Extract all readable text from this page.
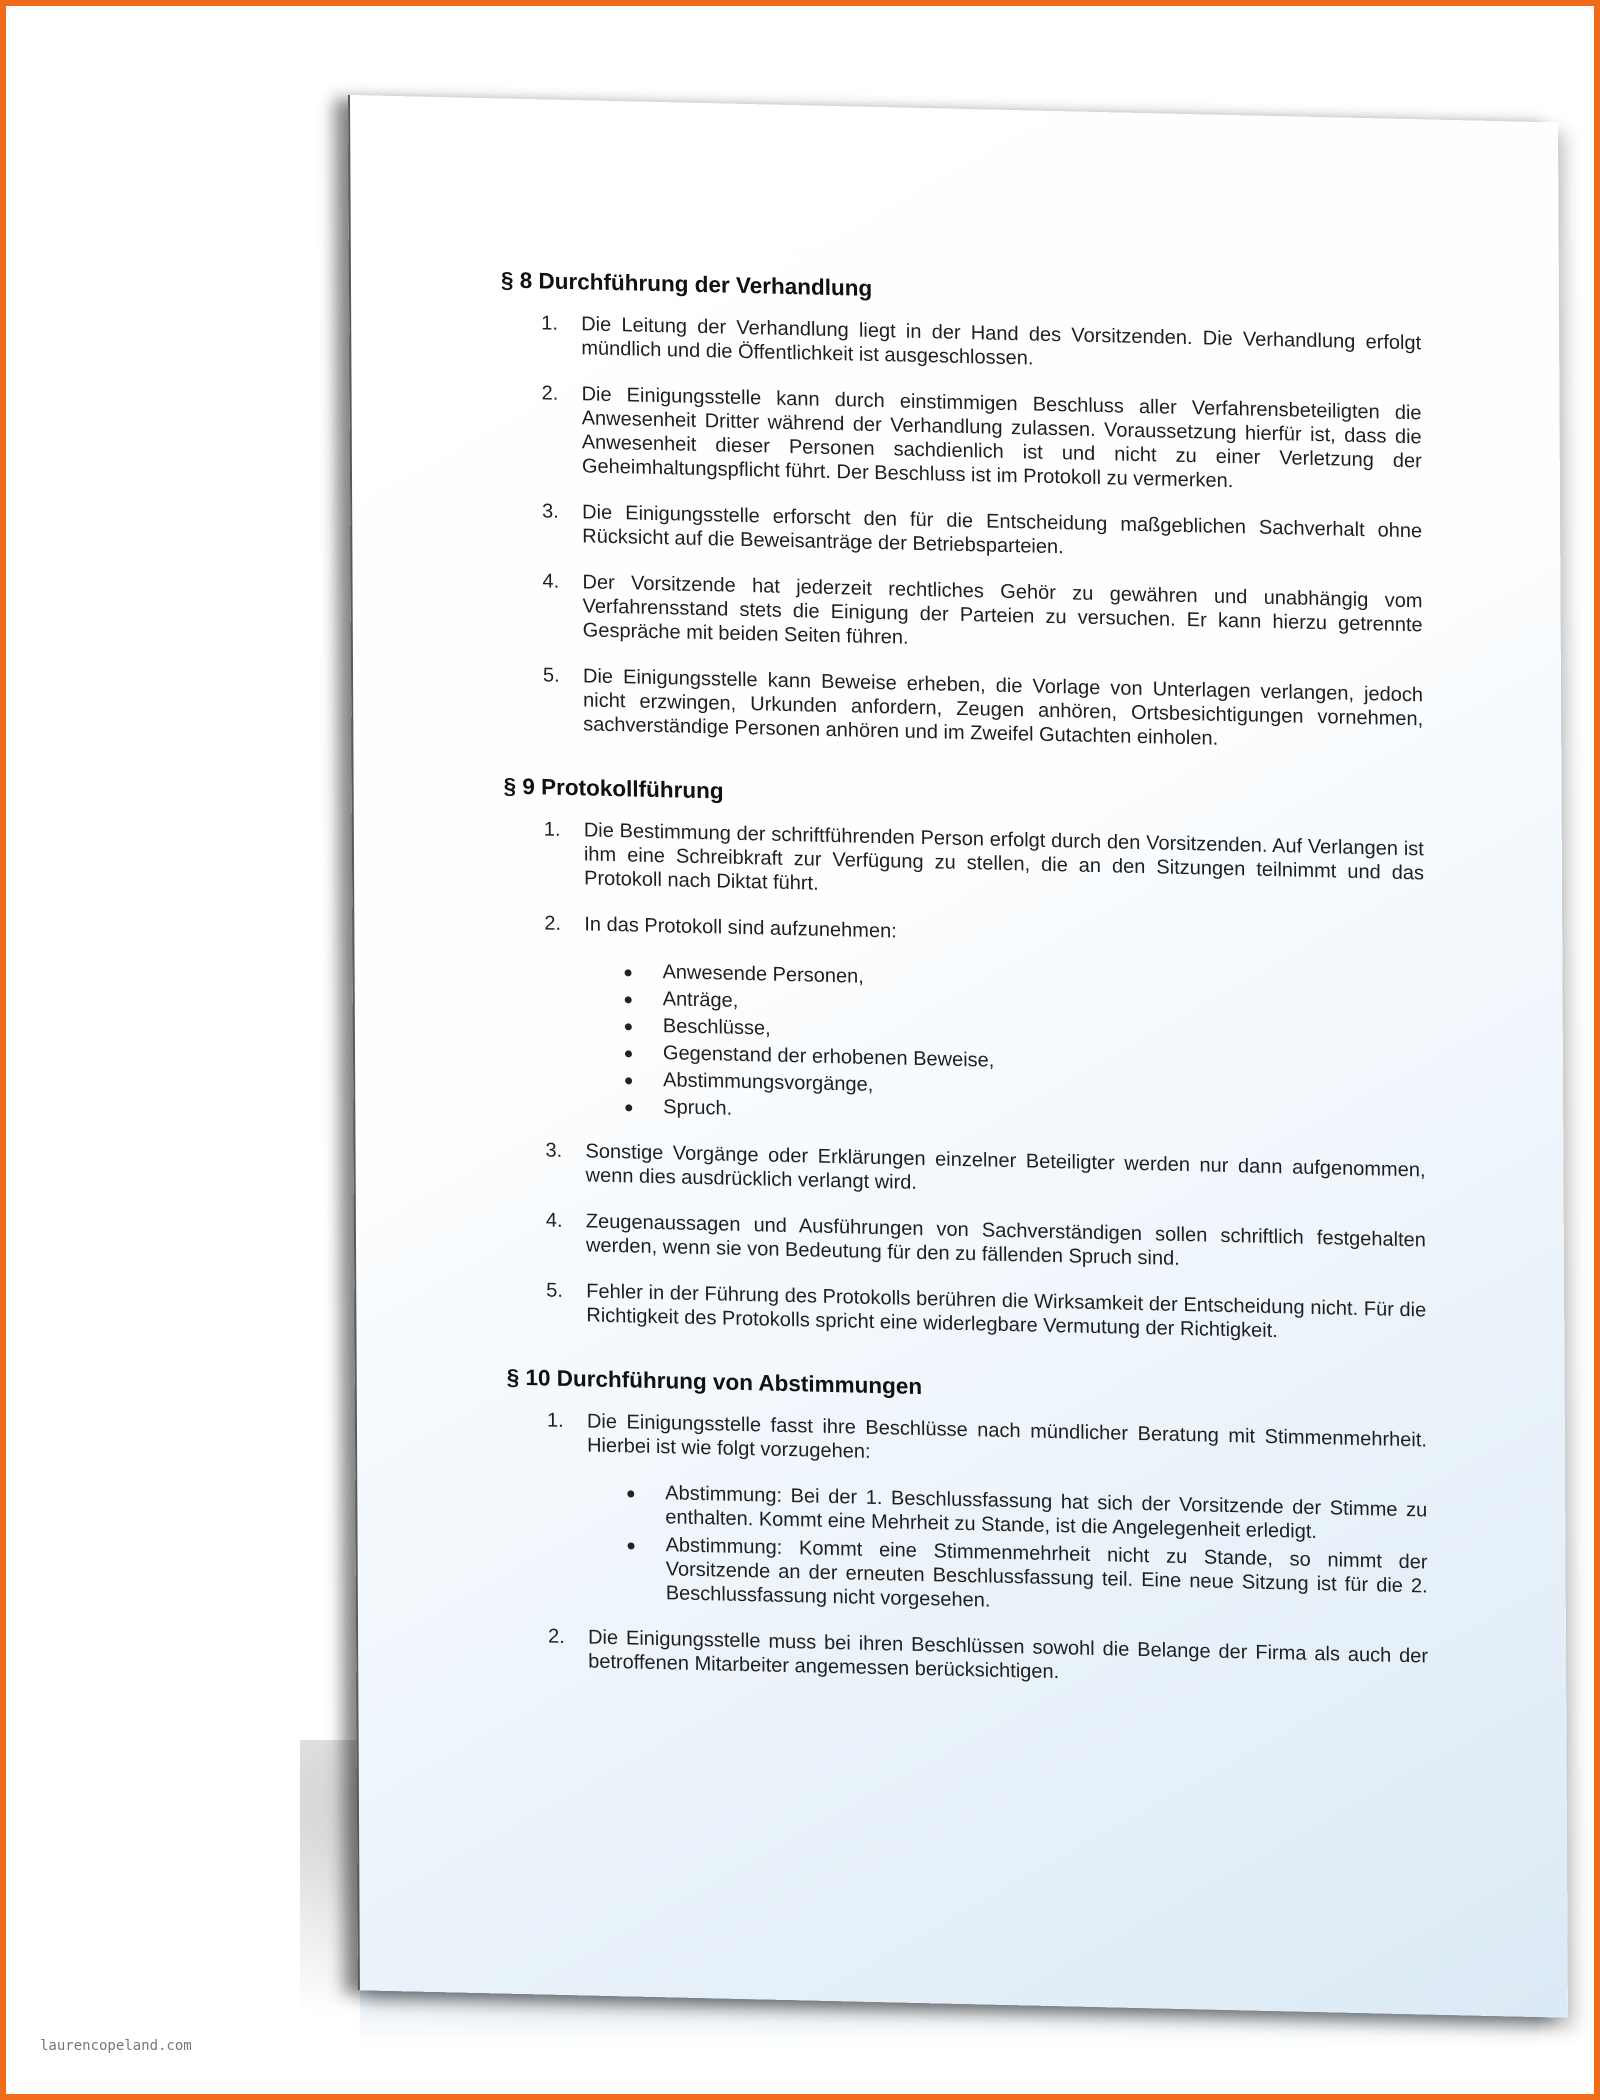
§ 8 Durchführung der Verhandlung
1. Die Leitung der Verhandlung liegt in der Hand des Vorsitzenden. Die Verhandlung erfolgt mündlich und die Öffentlichkeit ist ausgeschlossen.
2. Die Einigungsstelle kann durch einstimmigen Beschluss aller Verfahrensbeteiligten die Anwesenheit Dritter während der Verhandlung zulassen. Voraussetzung hierfür ist, dass die Anwesenheit dieser Personen sachdienlich ist und nicht zu einer Verletzung der Geheimhaltungspflicht führt. Der Beschluss ist im Protokoll zu vermerken.
3. Die Einigungsstelle erforscht den für die Entscheidung maßgeblichen Sachverhalt ohne Rücksicht auf die Beweisanträge der Betriebsparteien.
4. Der Vorsitzende hat jederzeit rechtliches Gehör zu gewähren und unabhängig vom Verfahrensstand stets die Einigung der Parteien zu versuchen. Er kann hierzu getrennte Gespräche mit beiden Seiten führen.
5. Die Einigungsstelle kann Beweise erheben, die Vorlage von Unterlagen verlangen, jedoch nicht erzwingen, Urkunden anfordern, Zeugen anhören, Ortsbesichtigungen vornehmen, sachverständige Personen anhören und im Zweifel Gutachten einholen.
§ 9 Protokollführung
1. Die Bestimmung der schriftführenden Person erfolgt durch den Vorsitzenden. Auf Verlangen ist ihm eine Schreibkraft zur Verfügung zu stellen, die an den Sitzungen teilnimmt und das Protokoll nach Diktat führt.
2. In das Protokoll sind aufzunehmen:
Anwesende Personen,
Anträge,
Beschlüsse,
Gegenstand der erhobenen Beweise,
Abstimmungsvorgänge,
Spruch.
3. Sonstige Vorgänge oder Erklärungen einzelner Beteiligter werden nur dann aufgenommen, wenn dies ausdrücklich verlangt wird.
4. Zeugenaussagen und Ausführungen von Sachverständigen sollen schriftlich festgehalten werden, wenn sie von Bedeutung für den zu fällenden Spruch sind.
5. Fehler in der Führung des Protokolls berühren die Wirksamkeit der Entscheidung nicht. Für die Richtigkeit des Protokolls spricht eine widerlegbare Vermutung der Richtigkeit.
§ 10 Durchführung von Abstimmungen
1. Die Einigungsstelle fasst ihre Beschlüsse nach mündlicher Beratung mit Stimmenmehrheit. Hierbei ist wie folgt vorzugehen:
Abstimmung: Bei der 1. Beschlussfassung hat sich der Vorsitzende der Stimme zu enthalten. Kommt eine Mehrheit zu Stande, ist die Angelegenheit erledigt.
Abstimmung: Kommt eine Stimmenmehrheit nicht zu Stande, so nimmt der Vorsitzende an der erneuten Beschlussfassung teil. Eine neue Sitzung ist für die 2. Beschlussfassung nicht vorgesehen.
2. Die Einigungsstelle muss bei ihren Beschlüssen sowohl die Belange der Firma als auch der betroffenen Mitarbeiter angemessen berücksichtigen.
laurencopeland.com
